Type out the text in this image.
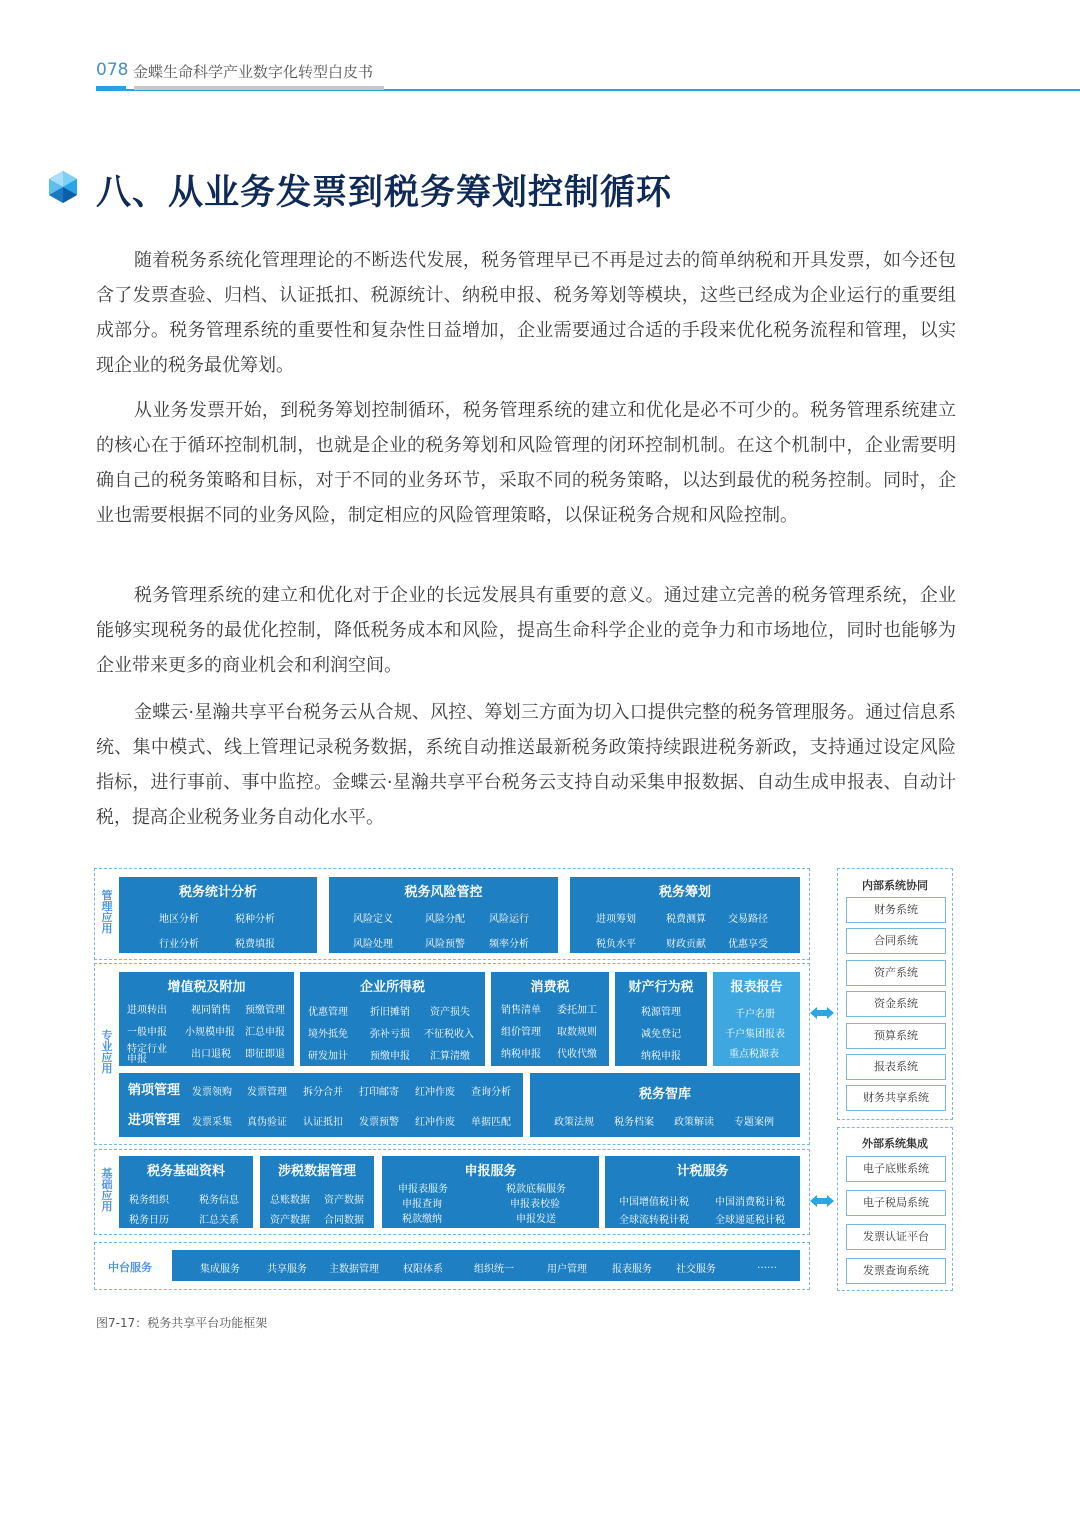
078 金蝶生命科学产业数字化转型白皮书
八、从业务发票到税务筹划控制循环

随着税务系统化管理理论的不断迭代发展，税务管理早已不再是过去的简单纳税和开具发票，如今还包含了发票查验、归档、认证抵扣、税源统计、纳税申报、税务筹划等模块，这些已经成为企业运行的重要组成部分。税务管理系统的重要性和复杂性日益增加，企业需要通过合适的手段来优化税务流程和管理，以实现企业的税务最优筹划。

从业务发票开始，到税务筹划控制循环，税务管理系统的建立和优化是必不可少的。税务管理系统建立的核心在于循环控制机制，也就是企业的税务筹划和风险管理的闭环控制机制。在这个机制中，企业需要明确自己的税务策略和目标，对于不同的业务环节，采取不同的税务策略，以达到最优的税务控制。同时，企业也需要根据不同的业务风险，制定相应的风险管理策略，以保证税务合规和风险控制。

税务管理系统的建立和优化对于企业的长远发展具有重要的意义。通过建立完善的税务管理系统，企业能够实现税务的最优化控制，降低税务成本和风险，提高生命科学企业的竞争力和市场地位，同时也能够为企业带来更多的商业机会和利润空间。

金蝶云·星瀚共享平台税务云从合规、风控、筹划三方面为切入口提供完整的税务管理服务。通过信息系统、集中模式、线上管理记录税务数据，系统自动推送最新税务政策持续跟进税务新政，支持通过设定风险指标，进行事前、事中监控。金蝶云·星瀚共享平台税务云支持自动采集申报数据、自动生成申报表、自动计税，提高企业税务业务自动化水平。

管理应用
税务统计分析
地区分析	税种分析
行业分析	税费填报
税务风险管控
风险定义	风险分配 风险运行
风险处理	风险预警 频率分析
税务筹划
进项筹划	税费测算 交易路径
税负水平	财政贡献 优惠享受
专业应用
增值税及附加
进项转出 视同销售 预缴管理
一般申报 小规模申报 汇总申报
特定行业申报	出口退税 即征即退
企业所得税
优惠管理 折旧摊销 资产损失
境外抵免 弥补亏损 不征税收入
研发加计 预缴申报 汇算清缴
消费税
销售清单 委托加工
组价管理 取数规则
纳税申报 代收代缴
财产行为税
税源管理
减免登记
纳税申报
报表报告
千户名册
千户集团报表
重点税源表
销项管理 发票领购 发票管理 拆分合并 打印邮寄 红冲作废 查询分析
进项管理 发票采集 真伪验证 认证抵扣 发票预警 红冲作废 单据匹配
税务智库
政策法规 税务档案 政策解读 专题案例
基础应用
税务基础资料
税务组织	税务信息
税务日历	汇总关系
涉税数据管理
总账数据 资产数据
资产数据 合同数据
申报服务
申报表服务	税款底稿服务
申报查询	申报表校验
税款缴纳	申报发送
计税服务
中国增值税计税	中国消费税计税
全球流转税计税	全球递延税计税
中台服务	集成服务	共享服务 主数据管理 权限体系	组织统一	用户管理	报表服务 社交服务	……
内部系统协同
财务系统
合同系统
资产系统
资金系统
预算系统
报表系统
财务共享系统
外部系统集成
电子底账系统
电子税局系统
发票认证平台
发票查询系统
图7-17：税务共享平台功能框架
